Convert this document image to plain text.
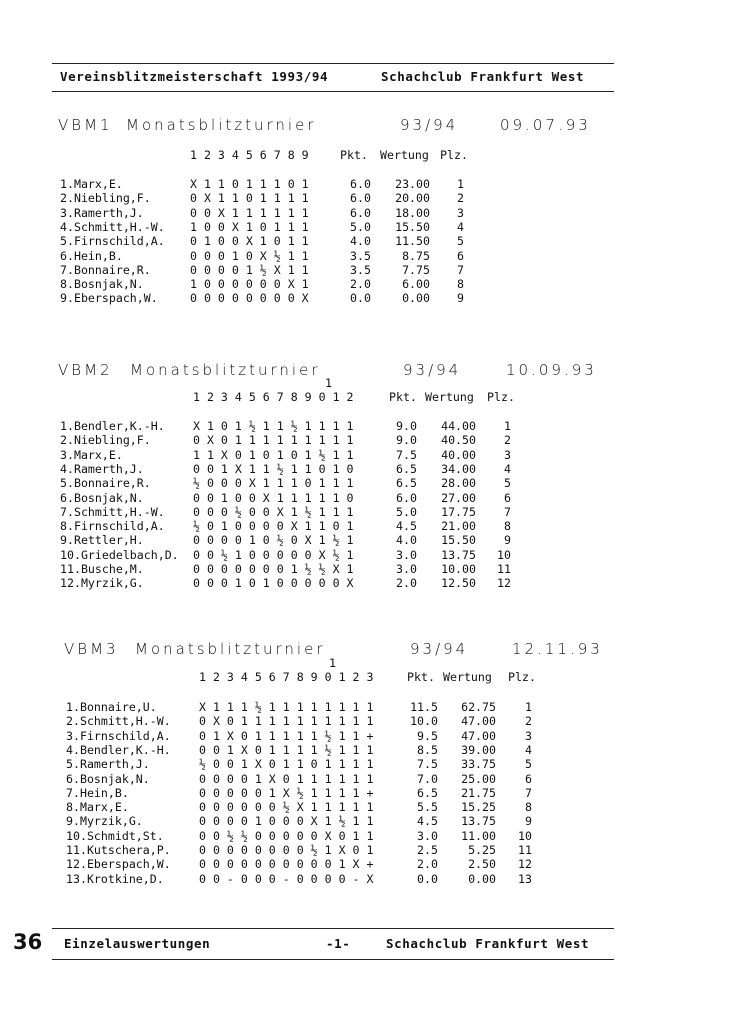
Vereinsblitzmeisterschaft 1993/94	Schachclub Frankfurt West
VBM1 Monatsblitzturnier	93/94	09.07.93
1 2 3 4 5 6 7 8 9	Pkt. Wertung Plz.
1.Marx,E.	X 1 1 0 1 1 1 0 1	6.0	23.00	1
2.Niebling,F.	0 X 1 1 0 1 1 1 1	6.0	20.00	2
3.Ramerth,J.	0 0 X 1 1 1 1 1 1	6.0	18.00	3
4.Schmitt,H.-W. 1 0 0 X 1 0 1 1 1	5.0	15.50	4
5.Firnschild,A. 0 1 0 0 X 1 0 1 1	4.0	11.50	5
6.Hein,B.	0 0 0 1 0 X ½ 1 1	3.5	8.75	6
7.Bonnaire,R.	0 0 0 0 1 ½ X 1 1	3.5	7.75	7
8.Bosnjak,N.	1 0 0 0 0 0 0 X 1	2.0	6.00	8
9.Eberspach,W.	0 0 0 0 0 0 0 0 X	0.0	0.00	9
VBM2 Monatsblitzturnier	93/94	10.09.93
1
1 2 3 4 5 6 7 8 9 0 1 2	Pkt. Wertung Plz.
1.Bendler,K.-H. X 1 0 1 ½ 1 1 ½ 1 1 1 1	9.0	44.00	1
2.Niebling,F.	0 X 0 1 1 1 1 1 1 1 1 1	9.0	40.50	2
3.Marx,E.	1 1 X 0 1 0 1 0 1 ½ 1 1	7.5	40.00	3
4.Ramerth,J.	0 0 1 X 1 1 ½ 1 1 0 1 0	6.5	34.00	4
5.Bonnaire,R.	½ 0 0 0 X 1 1 1 0 1 1 1	6.5	28.00	5
6.Bosnjak,N.	0 0 1 0 0 X 1 1 1 1 1 0	6.0	27.00	6
7.Schmitt,H.-W. 0 0 0 ½ 0 0 X 1 ½ 1 1 1	5.0	17.75	7
8.Firnschild,A. ½ 0 1 0 0 0 0 X 1 1 0 1	4.5	21.00	8
9.Rettler,H.	0 0 0 0 1 0 ½ 0 X 1 ½ 1	4.0	15.50	9
10.Griedelbach,D. 0 0 ½ 1 0 0 0 0 0 X ½ 1	3.0	13.75	10
11.Busche,M.	0 0 0 0 0 0 0 1 ½ ½ X 1	3.0	10.00	11
12.Myrzik,G.	0 0 0 1 0 1 0 0 0 0 0 X	2.0	12.50	12
VBM3 Monatsblitzturnier	93/94	12.11.93
1
1 2 3 4 5 6 7 8 9 0 1 2 3	Pkt. Wertung Plz.
1.Bonnaire,U.	X 1 1 1 ½ 1 1 1 1 1 1 1 1	11.5	62.75	1
2.Schmitt,H.-W. 0 X 0 1 1 1 1 1 1 1 1 1 1	10.0	47.00	2
3.Firnschild,A. 0 1 X 0 1 1 1 1 1 ½ 1 1 +	9.5	47.00	3
4.Bendler,K.-H. 0 0 1 X 0 1 1 1 1 ½ 1 1 1	8.5	39.00	4
5.Ramerth,J.	½ 0 0 1 X 0 1 1 0 1 1 1 1	7.5	33.75	5
6.Bosnjak,N.	0 0 0 0 1 X 0 1 1 1 1 1 1	7.0	25.00	6
7.Hein,B.	0 0 0 0 0 1 X ½ 1 1 1 1 +	6.5	21.75	7
8.Marx,E.	0 0 0 0 0 0 ½ X 1 1 1 1 1	5.5	15.25	8
9.Myrzik,G.	0 0 0 0 1 0 0 0 X 1 ½ 1 1	4.5	13.75	9
10.Schmidt,St.	0 0 ½ ½ 0 0 0 0 0 X 0 1 1	3.0	11.00	10
11.Kutschera,P. 0 0 0 0 0 0 0 0 ½ 1 X 0 1	2.5	5.25	11
12.Eberspach,W. 0 0 0 0 0 0 0 0 0 0 1 X +	2.0	2.50	12
13.Krotkine,D.	0 0 - 0 0 0 - 0 0 0 0 - X	0.0	0.00	13
36 Einzelauswertungen	-1-	Schachclub Frankfurt West
